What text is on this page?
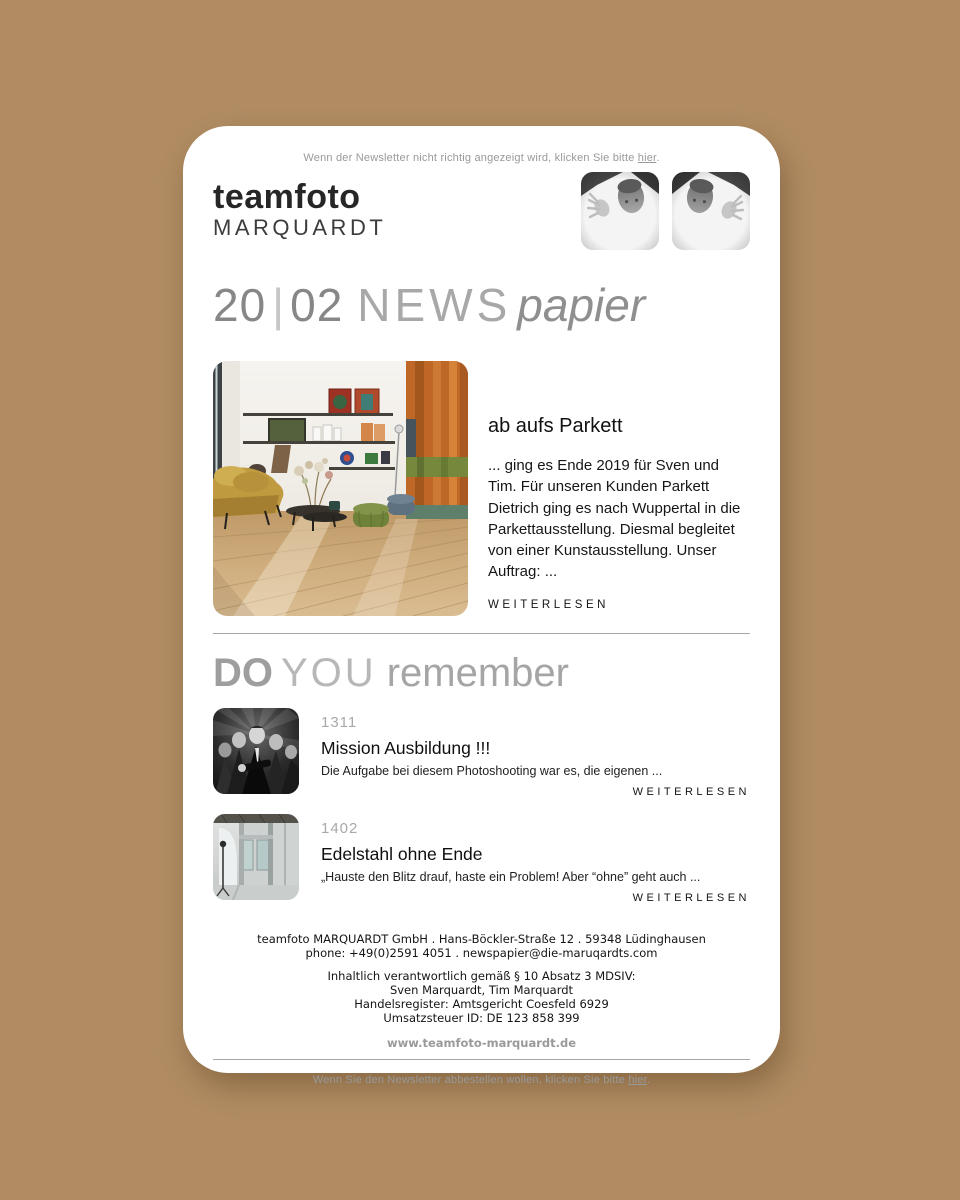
Wenn der Newsletter nicht richtig angezeigt wird, klicken Sie bitte hier.
teamfoto
MARQUARDT
20 | 02 NEWS papier
ab aufs Parkett

... ging es Ende 2019 für Sven und Tim. Für unseren Kunden Parkett Dietrich ging es nach Wuppertal in die Parkettausstellung. Diesmal begleitet von einer Kunstausstellung. Unser Auftrag: ...

WEITERLESEN
DO YOU remember
1311
Mission Ausbildung !!!
Die Aufgabe bei diesem Photoshooting war es, die eigenen ...
WEITERLESEN
1402
Edelstahl ohne Ende
„Hauste den Blitz drauf, haste ein Problem! Aber “ohne” geht auch ...
WEITERLESEN
teamfoto MARQUARDT GmbH . Hans-Böckler-Straße 12 . 59348 Lüdinghausen
phone: +49(0)2591 4051 . newspapier@die-maruqardts.com
Inhaltlich verantwortlich gemäß § 10 Absatz 3 MDSIV:
Sven Marquardt, Tim Marquardt
Handelsregister: Amtsgericht Coesfeld 6929
Umsatzsteuer ID: DE 123 858 399
www.teamfoto-marquardt.de
Wenn Sie den Newsletter abbestellen wollen, klicken Sie bitte hier.
